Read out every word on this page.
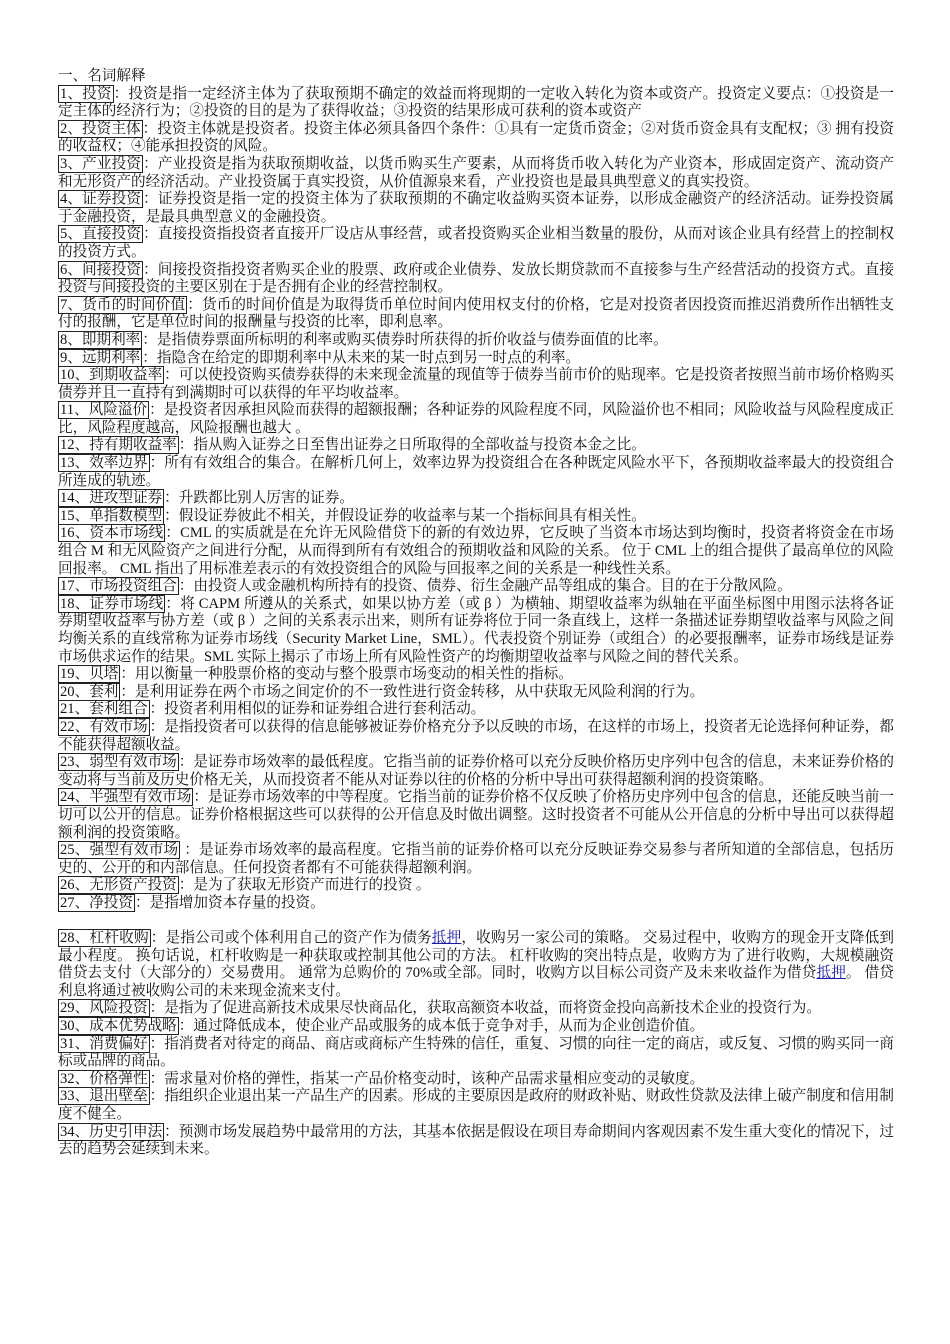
一、名词解释
1、投资 ：投资是指一定经济主体为了获取预期不确定的效益而将现期的一定收入转化为资本或资产。投资定义要点：①投资是一定主体的经济行为；②投资的目的是为了获得收益；③投资的结果形成可获利的资本或资产
2、投资主体 ：投资主体就是投资者。投资主体必须具备四个条件：①具有一定货币资金；②对货币资金具有支配权；③ 拥有投资的收益权；④能承担投资的风险。
3、产业投资 ：产业投资是指为获取预期收益，以货币购买生产要素，从而将货币收入转化为产业资本，形成固定资产、流动资产和无形资产的经济活动。产业投资属于真实投资，从价值源泉来看，产业投资也是最具典型意义的真实投资。
4、证券投资 ：证券投资是指一定的投资主体为了获取预期的不确定收益购买资本证券，以形成金融资产的经济活动。证券投资属于金融投资，是最具典型意义的金融投资。
5、直接投资 ：直接投资指投资者直接开厂设店从事经营，或者投资购买企业相当数量的股份，从而对该企业具有经营上的控制权的投资方式。
6、间接投资 ：间接投资指投资者购买企业的股票、政府或企业债券、发放长期贷款而不直接参与生产经营活动的投资方式。直接投资与间接投资的主要区别在于是否拥有企业的经营控制权。
7、货币的时间价值 ：货币的时间价值是为取得货币单位时间内使用权支付的价格，它是对投资者因投资而推迟消费所作出牺牲支付的报酬，它是单位时间的报酬量与投资的比率，即利息率。
8、即期利率 ：是指债券票面所标明的利率或购买债券时所获得的折价收益与债券面值的比率。
9、远期利率 ：指隐含在给定的即期利率中从未来的某一时点到另一时点的利率。
10、到期收益率 ：可以使投资购买债券获得的未来现金流量的现值等于债券当前市价的贴现率。它是投资者按照当前市场价格购买债券并且一直持有到满期时可以获得的年平均收益率。
11、风险溢价 ：是投资者因承担风险而获得的超额报酬；各种证券的风险程度不同，风险溢价也不相同；风险收益与风险程度成正比，风险程度越高，风险报酬也越大 。
12、持有期收益率 ：指从购入证券之日至售出证券之日所取得的全部收益与投资本金之比。
13、效率边界 ：所有有效组合的集合。在解析几何上，效率边界为投资组合在各种既定风险水平下，各预期收益率最大的投资组合所连成的轨迹。
14、进攻型证券 ：升跌都比别人厉害的证券。
15、单指数模型 ：假设证券彼此不相关，并假设证券的收益率与某一个指标间具有相关性。
16、资本市场线 ：CML 的实质就是在允许无风险借贷下的新的有效边界，它反映了当资本市场达到均衡时，投资者将资金在市场组合 M 和无风险资产之间进行分配，从而得到所有有效组合的预期收益和风险的关系。 位于 CML 上的组合提供了最高单位的风险回报率。 CML 指出了用标准差表示的有效投资组合的风险与回报率之间的关系是一种线性关系。
17、市场投资组合 ：由投资人或金融机构所持有的投资、债券、衍生金融产品等组成的集合。目的在于分散风险。
18、证券市场线 ：将 CAPM 所遵从的关系式，如果以协方差（或 β ）为横轴、期望收益率为纵轴在平面坐标图中用图示法将各证券期望收益率与协方差（或 β ）之间的关系表示出来，则所有证券将位于同一条直线上，这样一条描述证券期望收益率与风险之间均衡关系的直线常称为证券市场线（Security Market Line，SML）。代表投资个别证券（或组合）的必要报酬率，证券市场线是证券市场供求运作的结果。SML 实际上揭示了市场上所有风险性资产的均衡期望收益率与风险之间的替代关系。
19、贝塔 ：用以衡量一种股票价格的变动与整个股票市场变动的相关性的指标。
20、套利 ：是利用证券在两个市场之间定价的不一致性进行资金转移，从中获取无风险利润的行为。
21、套利组合 ：投资者利用相似的证券和证券组合进行套利活动。
22、有效市场 ：是指投资者可以获得的信息能够被证券价格充分予以反映的市场，在这样的市场上，投资者无论选择何种证券，都不能获得超额收益。
23、弱型有效市场 ：是证券市场效率的最低程度。它指当前的证券价格可以充分反映价格历史序列中包含的信息，未来证券价格的变动将与当前及历史价格无关，从而投资者不能从对证券以往的价格的分析中导出可获得超额利润的投资策略。
24、半强型有效市场 ：是证券市场效率的中等程度。它指当前的证券价格不仅反映了价格历史序列中包含的信息，还能反映当前一切可以公开的信息。证券价格根据这些可以获得的公开信息及时做出调整。这时投资者不可能从公开信息的分析中导出可以获得超额利润的投资策略。
25、强型有效市场 ：是证券市场效率的最高程度。它指当前的证券价格可以充分反映证券交易参与者所知道的全部信息，包括历史的、公开的和内部信息。任何投资者都有不可能获得超额利润。
26、无形资产投资 ：是为了获取无形资产而进行的投资 。
27、净投资 ：是指增加资本存量的投资。
28、杠杆收购 ：是指公司或个体利用自己的资产作为债务抵押，收购另一家公司的策略。 交易过程中，收购方的现金开支降低到最小程度。 换句话说，杠杆收购是一种获取或控制其他公司的方法。 杠杆收购的突出特点是，收购方为了进行收购，大规模融资借贷去支付（大部分的）交易费用。 通常为总购价的 70%或全部。同时，收购方以目标公司资产及未来收益作为借贷抵押。 借贷利息将通过被收购公司的未来现金流来支付。
29、风险投资 ：是指为了促进高新技术成果尽快商品化，获取高额资本收益，而将资金投向高新技术企业的投资行为。
30、成本优势战略 ：通过降低成本，使企业产品或服务的成本低于竞争对手，从而为企业创造价值。
31、消费偏好 ：指消费者对待定的商品、商店或商标产生特殊的信任，重复、习惯的向往一定的商店，或反复、习惯的购买同一商标或品牌的商品。
32、价格弹性 ：需求量对价格的弹性，指某一产品价格变动时，该种产品需求量相应变动的灵敏度。
33、退出壁垒 ：指组织企业退出某一产品生产的因素。形成的主要原因是政府的财政补贴、财政性贷款及法律上破产制度和信用制度不健全。
34、历史引申法 ：预测市场发展趋势中最常用的方法，其基本依据是假设在项目寿命期间内客观因素不发生重大变化的情况下，过去的趋势会延续到未来。
